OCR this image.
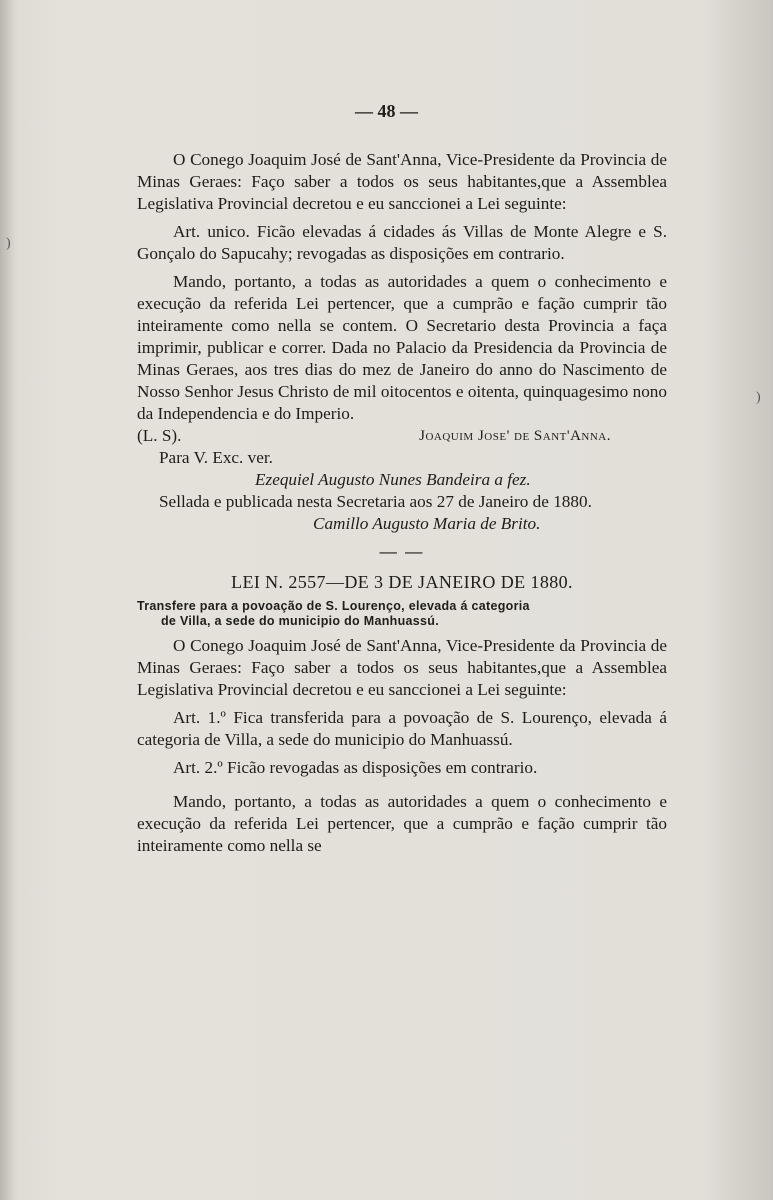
)
)
— 48 —

O Conego Joaquim José de Sant'Anna, Vice-Presidente da Provincia de Minas Geraes: Faço saber a todos os seus habitantes,que a Assemblea Legislativa Provincial decretou e eu sanccionei a Lei seguinte:

Art. unico. Ficão elevadas á cidades ás Villas de Monte Alegre e S. Gonçalo do Sapucahy; revogadas as disposições em contrario.

Mando, portanto, a todas as autoridades a quem o conhecimento e execução da referida Lei pertencer, que a cumprão e fação cumprir tão inteiramente como nella se contem. O Secretario desta Provincia a faça imprimir, publicar e correr. Dada no Palacio da Presidencia da Provincia de Minas Geraes, aos tres dias do mez de Janeiro do anno do Nascimento de Nosso Senhor Jesus Christo de mil oitocentos e oitenta, quinquagesimo nono da Independencia e do Imperio.

(L. S).	Joaquim Jose' de Sant'Anna.
Para V. Exc. ver.
Ezequiel Augusto Nunes Bandeira a fez.

Sellada e publicada nesta Secretaria aos 27 de Janeiro de 1880.

Camillo Augusto Maria de Brito.
— —
LEI N. 2557—DE 3 DE JANEIRO DE 1880.
Transfere para a povoação de S. Lourenço, elevada á categoria
de Villa, a sede do municipio do Manhuassú.

O Conego Joaquim José de Sant'Anna, Vice-Presidente da Provincia de Minas Geraes: Faço saber a todos os seus habitantes,que a Assemblea Legislativa Provincial decretou e eu sanccionei a Lei seguinte:

Art. 1.º Fica transferida para a povoação de S. Lourenço, elevada á categoria de Villa, a sede do municipio do Manhuassú.

Art. 2.º Ficão revogadas as disposições em contrario.

Mando, portanto, a todas as autoridades a quem o conhecimento e execução da referida Lei pertencer, que a cumprão e fação cumprir tão inteiramente como nella se
